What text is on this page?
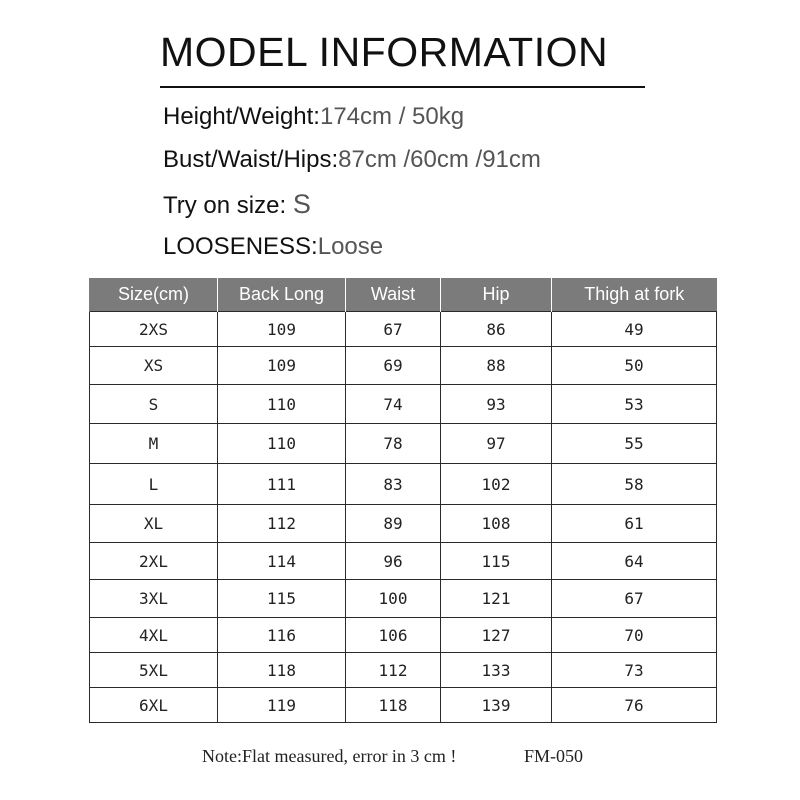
MODEL INFORMATION
Height/Weight:174cm / 50kg
Bust/Waist/Hips:87cm /60cm /91cm
Try on size: S
LOOSENESS:Loose
Size(cm)	Back Long	Waist	Hip	Thigh at fork
2XS	109	67	86	49
XS	109	69	88	50
S	110	74	93	53
M	110	78	97	55
L	111	83	102	58
XL	112	89	108	61
2XL	114	96	115	64
3XL	115	100	121	67
4XL	116	106	127	70
5XL	118	112	133	73
6XL	119	118	139	76
Note:Flat measured, error in 3 cm !	FM-050
